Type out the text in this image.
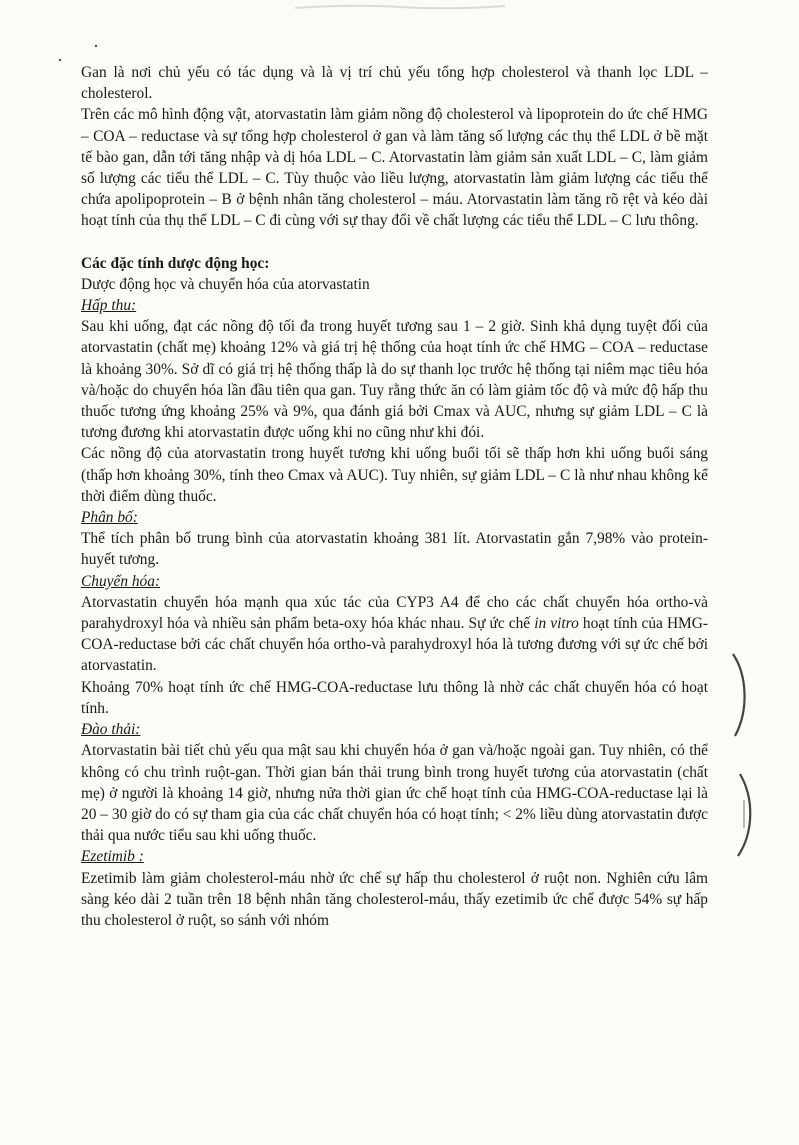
Gan là nơi chủ yếu có tác dụng và là vị trí chủ yếu tổng hợp cholesterol và thanh lọc LDL – cholesterol.

Trên các mô hình động vật, atorvastatin làm giảm nồng độ cholesterol và lipoprotein do ức chế HMG – COA – reductase và sự tổng hợp cholesterol ở gan và làm tăng số lượng các thụ thể LDL ở bề mặt tế bào gan, dẫn tới tăng nhập và dị hóa LDL – C. Atorvastatin làm giảm sản xuất LDL – C, làm giảm số lượng các tiểu thể LDL – C. Tùy thuộc vào liều lượng, atorvastatin làm giảm lượng các tiểu thể chứa apolipoprotein – B ở bệnh nhân tăng cholesterol – máu. Atorvastatin làm tăng rõ rệt và kéo dài hoạt tính của thụ thể LDL – C đi cùng với sự thay đổi về chất lượng các tiểu thể LDL – C lưu thông.

Các đặc tính dược động học:

Dược động học và chuyển hóa của atorvastatin

Hấp thu:

Sau khi uống, đạt các nồng độ tối đa trong huyết tương sau 1 – 2 giờ. Sinh khả dụng tuyệt đối của atorvastatin (chất mẹ) khoảng 12% và giá trị hệ thống của hoạt tính ức chế HMG – COA – reductase là khoảng 30%. Sở dĩ có giá trị hệ thống thấp là do sự thanh lọc trước hệ thống tại niêm mạc tiêu hóa và/hoặc do chuyển hóa lần đầu tiên qua gan. Tuy rằng thức ăn có làm giảm tốc độ và mức độ hấp thu thuốc tương ứng khoảng 25% và 9%, qua đánh giá bởi Cmax và AUC, nhưng sự giảm LDL – C là tương đương khi atorvastatin được uống khi no cũng như khi đói.

Các nồng độ của atorvastatin trong huyết tương khi uống buổi tối sẽ thấp hơn khi uống buổi sáng (thấp hơn khoảng 30%, tính theo Cmax và AUC). Tuy nhiên, sự giảm LDL – C là như nhau không kể thời điểm dùng thuốc.

Phân bố:

Thể tích phân bố trung bình của atorvastatin khoảng 381 lít. Atorvastatin gắn 7,98% vào protein- huyết tương.

Chuyển hóa:

Atorvastatin chuyển hóa mạnh qua xúc tác của CYP3 A4 để cho các chất chuyển hóa ortho-và parahydroxyl hóa và nhiều sản phẩm beta-oxy hóa khác nhau. Sự ức chế in vitro hoạt tính của HMG-COA-reductase bởi các chất chuyển hóa ortho-và parahydroxyl hóa là tương đương với sự ức chế bởi atorvastatin.

Khoảng 70% hoạt tính ức chế HMG-COA-reductase lưu thông là nhờ các chất chuyển hóa có hoạt tính.

Đào thải:

Atorvastatin bài tiết chủ yếu qua mật sau khi chuyển hóa ở gan và/hoặc ngoài gan. Tuy nhiên, có thể không có chu trình ruột-gan. Thời gian bán thải trung bình trong huyết tương của atorvastatin (chất mẹ) ở người là khoảng 14 giờ, nhưng nửa thời gian ức chế hoạt tính của HMG-COA-reductase lại là 20 – 30 giờ do có sự tham gia của các chất chuyển hóa có hoạt tính; < 2% liều dùng atorvastatin được thải qua nước tiểu sau khi uống thuốc.

Ezetimib :

Ezetimib làm giảm cholesterol-máu nhờ ức chế sự hấp thu cholesterol ở ruột non. Nghiên cứu lâm sàng kéo dài 2 tuần trên 18 bệnh nhân tăng cholesterol-máu, thấy ezetimib ức chế được 54% sự hấp thu cholesterol ở ruột, so sánh với nhóm
